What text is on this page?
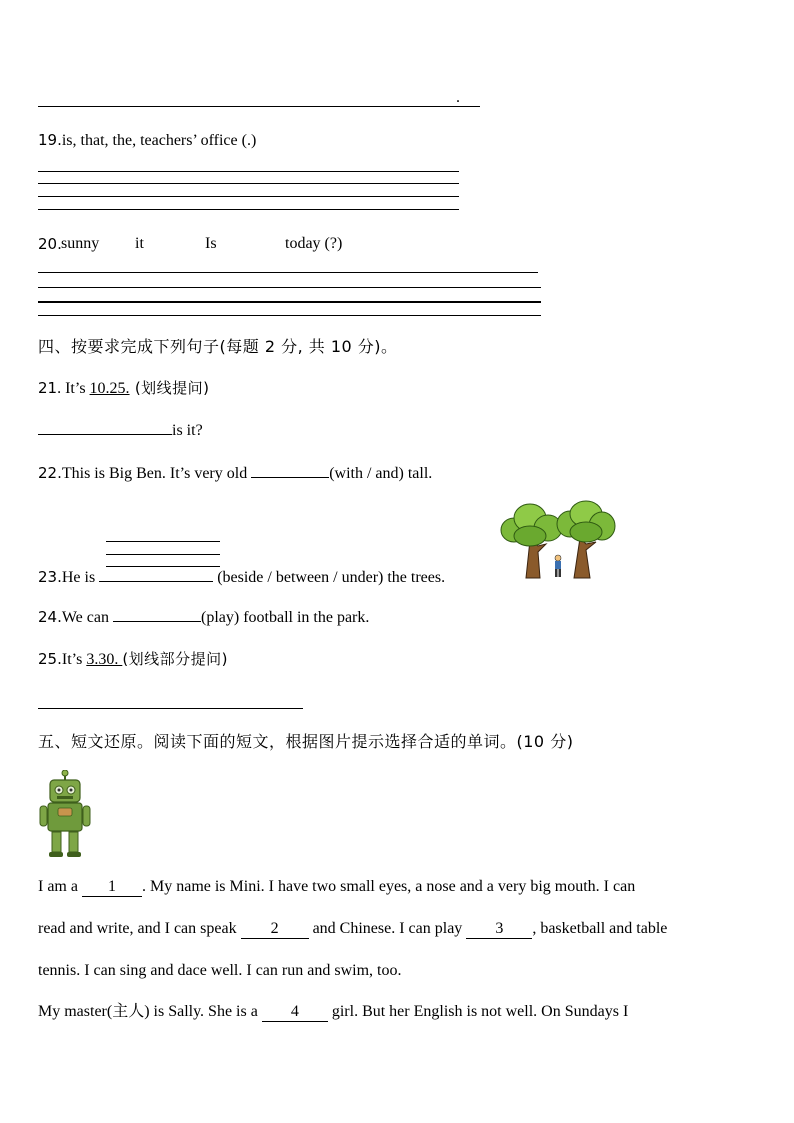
.
19.is, that, the, teachers’ office (.)
20. sunny it	Is	today (?)
四、按要求完成下列句子(每题 2 分, 共 10 分)。
21. It’s 10.25. (划线提问)
is it?
22.This is Big Ben. It’s very old	(with / and) tall.
23.He is	(beside / between / under) the trees.
24.We can	(play) football in the park.
25.It’s 3.30. (划线部分提问)
五、短文还原。阅读下面的短文，根据图片提示选择合适的单词。(10 分)
I am a 1 . My name is Mini. I have two small eyes, a nose and a very big mouth. I can
read and write, and I can speak 2 and Chinese. I can play 3 , basketball and table
tennis. I can sing and dace well. I can run and swim, too.
My master(主人) is Sally. She is a 4 girl. But her English is not well. On Sundays I
